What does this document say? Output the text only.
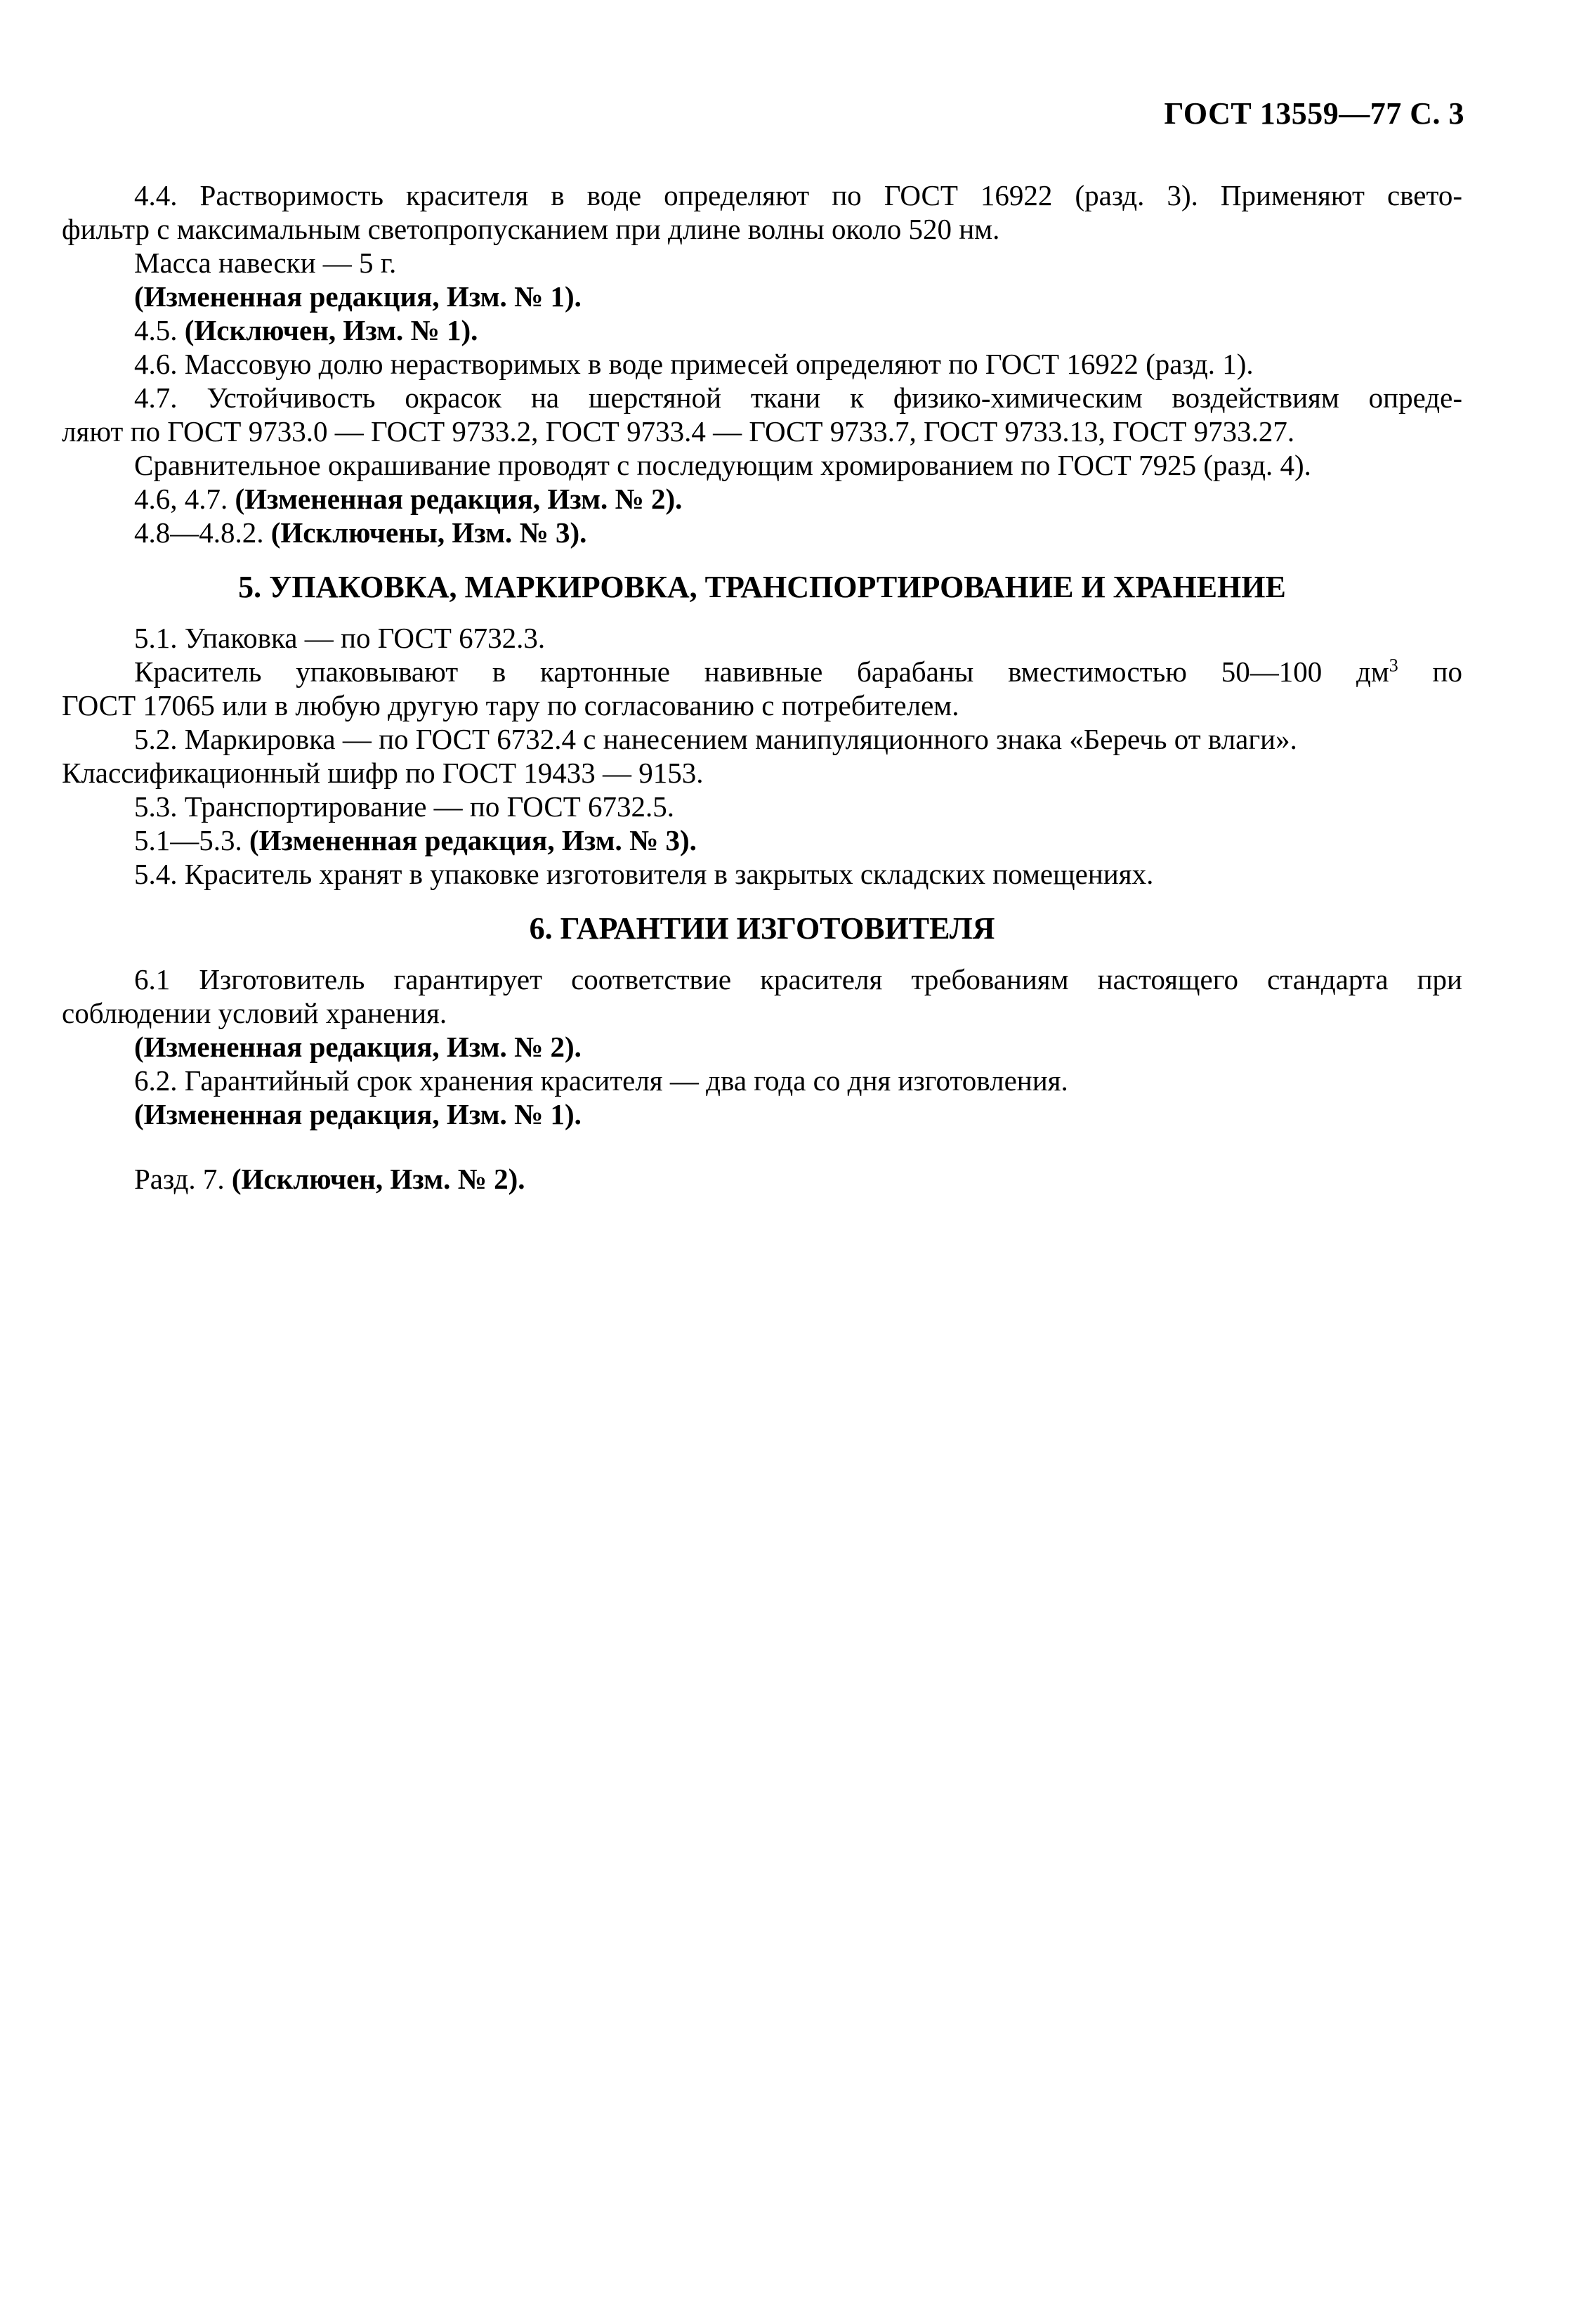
ГОСТ 13559—77 С. 3

4.4. Растворимость красителя в воде определяют по ГОСТ 16922 (разд. 3). Применяют свето-

фильтр с максимальным светопропусканием при длине волны около 520 нм.

Масса навески — 5 г.

(Измененная редакция, Изм. № 1).

4.5. (Исключен, Изм. № 1).

4.6. Массовую долю нерастворимых в воде примесей определяют по ГОСТ 16922 (разд. 1).

4.7. Устойчивость окрасок на шерстяной ткани к физико-химическим воздействиям опреде-

ляют по ГОСТ 9733.0 — ГОСТ 9733.2, ГОСТ 9733.4 — ГОСТ 9733.7, ГОСТ 9733.13, ГОСТ 9733.27.

Сравнительное окрашивание проводят с последующим хромированием по ГОСТ 7925 (разд. 4).

4.6, 4.7. (Измененная редакция, Изм. № 2).

4.8—4.8.2. (Исключены, Изм. № 3).

5. УПАКОВКА, МАРКИРОВКА, ТРАНСПОРТИРОВАНИЕ И ХРАНЕНИЕ

5.1. Упаковка — по ГОСТ 6732.3.

Краситель упаковывают в картонные навивные барабаны вместимостью 50—100 $дм^3$ по

ГОСТ 17065 или в любую другую тару по согласованию с потребителем.

5.2. Маркировка — по ГОСТ 6732.4 с нанесением манипуляционного знака «Беречь от влаги».

Классификационный шифр по ГОСТ 19433 — 9153.

5.3. Транспортирование — по ГОСТ 6732.5.

5.1—5.3. (Измененная редакция, Изм. № 3).

5.4. Краситель хранят в упаковке изготовителя в закрытых складских помещениях.

6. ГАРАНТИИ ИЗГОТОВИТЕЛЯ

6.1 Изготовитель гарантирует соответствие красителя требованиям настоящего стандарта при

соблюдении условий хранения.

(Измененная редакция, Изм. № 2).

6.2. Гарантийный срок хранения красителя — два года со дня изготовления.

(Измененная редакция, Изм. № 1).

Разд. 7. (Исключен, Изм. № 2).
